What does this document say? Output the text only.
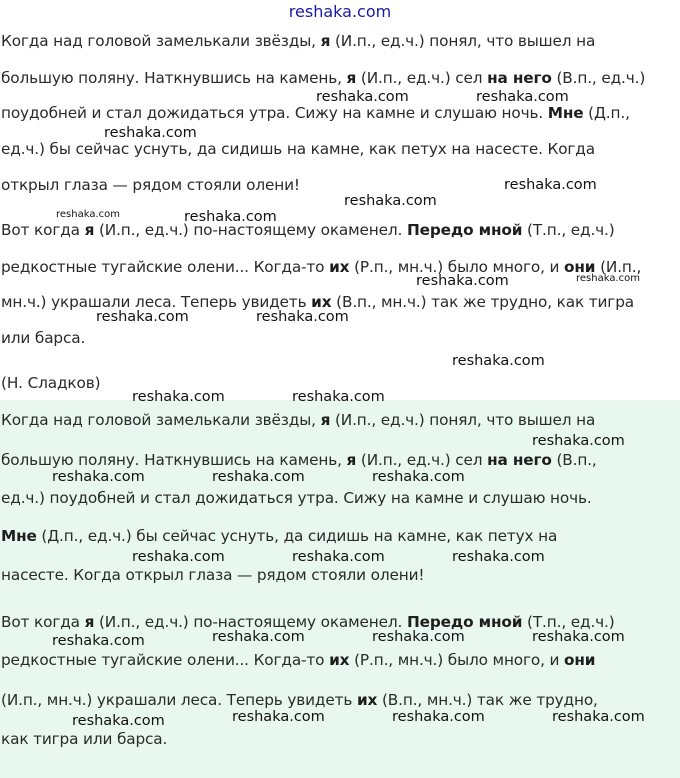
reshaka.com
Когда над головой замелькали звёзды, я (И.п., ед.ч.) понял, что вышел на
большую поляну. Наткнувшись на камень, я (И.п., ед.ч.) сел на него (В.п., ед.ч.)
поудобней и стал дожидаться утра. Сижу на камне и слушаю ночь. Мне (Д.п.,
ед.ч.) бы сейчас уснуть, да сидишь на камне, как петух на насесте. Когда
открыл глаза — рядом стояли олени!
Вот когда я (И.п., ед.ч.) по-настоящему окаменел. Передо мной (Т.п., ед.ч.)
редкостные тугайские олени... Когда-то их (Р.п., мн.ч.) было много, и они (И.п.,
мн.ч.) украшали леса. Теперь увидеть их (В.п., мн.ч.) так же трудно, как тигра
или барса.
(Н. Сладков)
Когда над головой замелькали звёзды, я (И.п., ед.ч.) понял, что вышел на
большую поляну. Наткнувшись на камень, я (И.п., ед.ч.) сел на него (В.п.,
ед.ч.) поудобней и стал дожидаться утра. Сижу на камне и слушаю ночь.
Мне (Д.п., ед.ч.) бы сейчас уснуть, да сидишь на камне, как петух на
насесте. Когда открыл глаза — рядом стояли олени!
Вот когда я (И.п., ед.ч.) по-настоящему окаменел. Передо мной (Т.п., ед.ч.)
редкостные тугайские олени... Когда-то их (Р.п., мн.ч.) было много, и они
(И.п., мн.ч.) украшали леса. Теперь увидеть их (В.п., мн.ч.) так же трудно,
как тигра или барса.
reshaka.com	reshaka.com
reshaka.com
reshaka.com
reshaka.com
reshaka.com	reshaka.com
reshaka.com	reshaka.com
reshaka.com	reshaka.com
reshaka.com
reshaka.com	reshaka.com
reshaka.com
reshaka.com	reshaka.com	reshaka.com
reshaka.com	reshaka.com	reshaka.com
reshaka.com	reshaka.com	reshaka.com	reshaka.com
reshaka.com	reshaka.com	reshaka.com	reshaka.com
